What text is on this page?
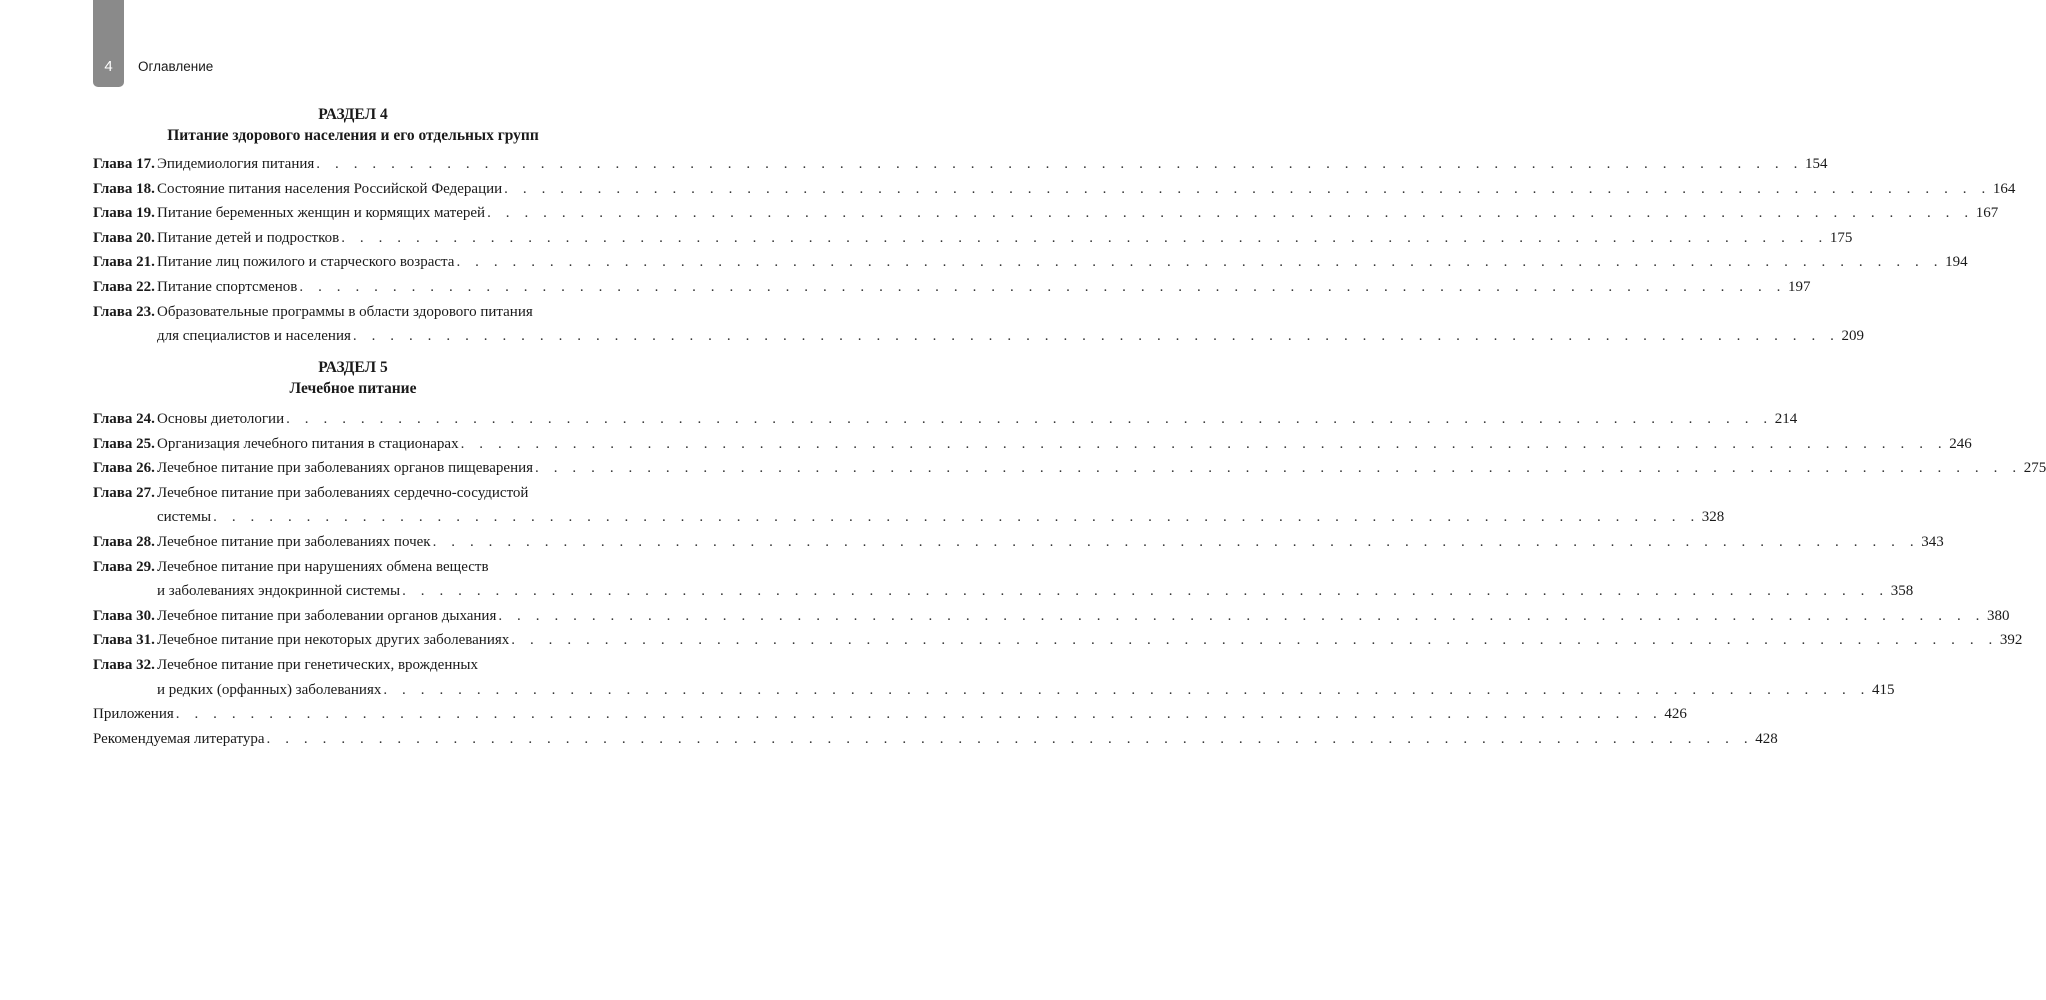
4	Оглавление
РАЗДЕЛ 4
Питание здорового населения и его отдельных групп
Глава 17. Эпидемиология питания . . . . . . . . . . . . . . . . . . . . . . . . . . . . . . . . . . . . . . . . . . . . . . . . . . . . . . . . . . . . . . . . . . . . . . . . . . . . . . . . 154
Глава 18. Состояние питания населения Российской Федерации . . . . . . . . . . . . . . . . . . . . . . . . . . . . . . . . . . . . . . . . . . . . . . . . . . . . . . . . . . . . . . . . . . . . . . . . . . . . . . . . 164
Глава 19. Питание беременных женщин и кормящих матерей . . . . . . . . . . . . . . . . . . . . . . . . . . . . . . . . . . . . . . . . . . . . . . . . . . . . . . . . . . . . . . . . . . . . . . . . . . . . . . . . 167
Глава 20. Питание детей и подростков . . . . . . . . . . . . . . . . . . . . . . . . . . . . . . . . . . . . . . . . . . . . . . . . . . . . . . . . . . . . . . . . . . . . . . . . . . . . . . . . 175
Глава 21. Питание лиц пожилого и старческого возраста . . . . . . . . . . . . . . . . . . . . . . . . . . . . . . . . . . . . . . . . . . . . . . . . . . . . . . . . . . . . . . . . . . . . . . . . . . . . . . . . 194
Глава 22. Питание спортсменов . . . . . . . . . . . . . . . . . . . . . . . . . . . . . . . . . . . . . . . . . . . . . . . . . . . . . . . . . . . . . . . . . . . . . . . . . . . . . . . . 197
Глава 23. Образовательные программы в области здорового питания
для специалистов и населения . . . . . . . . . . . . . . . . . . . . . . . . . . . . . . . . . . . . . . . . . . . . . . . . . . . . . . . . . . . . . . . . . . . . . . . . . . . . . . . . 209
РАЗДЕЛ 5
Лечебное питание
Глава 24. Основы диетологии . . . . . . . . . . . . . . . . . . . . . . . . . . . . . . . . . . . . . . . . . . . . . . . . . . . . . . . . . . . . . . . . . . . . . . . . . . . . . . . . 214
Глава 25. Организация лечебного питания в стационарах . . . . . . . . . . . . . . . . . . . . . . . . . . . . . . . . . . . . . . . . . . . . . . . . . . . . . . . . . . . . . . . . . . . . . . . . . . . . . . . . 246
Глава 26. Лечебное питание при заболеваниях органов пищеварения . . . . . . . . . . . . . . . . . . . . . . . . . . . . . . . . . . . . . . . . . . . . . . . . . . . . . . . . . . . . . . . . . . . . . . . . . . . . . . . . 275
Глава 27. Лечебное питание при заболеваниях сердечно-сосудистой
системы . . . . . . . . . . . . . . . . . . . . . . . . . . . . . . . . . . . . . . . . . . . . . . . . . . . . . . . . . . . . . . . . . . . . . . . . . . . . . . . . 328
Глава 28. Лечебное питание при заболеваниях почек . . . . . . . . . . . . . . . . . . . . . . . . . . . . . . . . . . . . . . . . . . . . . . . . . . . . . . . . . . . . . . . . . . . . . . . . . . . . . . . . 343
Глава 29. Лечебное питание при нарушениях обмена веществ
и заболеваниях эндокринной системы . . . . . . . . . . . . . . . . . . . . . . . . . . . . . . . . . . . . . . . . . . . . . . . . . . . . . . . . . . . . . . . . . . . . . . . . . . . . . . . . 358
Глава 30. Лечебное питание при заболевании органов дыхания . . . . . . . . . . . . . . . . . . . . . . . . . . . . . . . . . . . . . . . . . . . . . . . . . . . . . . . . . . . . . . . . . . . . . . . . . . . . . . . . 380
Глава 31. Лечебное питание при некоторых других заболеваниях . . . . . . . . . . . . . . . . . . . . . . . . . . . . . . . . . . . . . . . . . . . . . . . . . . . . . . . . . . . . . . . . . . . . . . . . . . . . . . . . 392
Глава 32. Лечебное питание при генетических, врожденных
и редких (орфанных) заболеваниях . . . . . . . . . . . . . . . . . . . . . . . . . . . . . . . . . . . . . . . . . . . . . . . . . . . . . . . . . . . . . . . . . . . . . . . . . . . . . . . . 415
Приложения . . . . . . . . . . . . . . . . . . . . . . . . . . . . . . . . . . . . . . . . . . . . . . . . . . . . . . . . . . . . . . . . . . . . . . . . . . . . . . . . 426
Рекомендуемая литература . . . . . . . . . . . . . . . . . . . . . . . . . . . . . . . . . . . . . . . . . . . . . . . . . . . . . . . . . . . . . . . . . . . . . . . . . . . . . . . . 428
